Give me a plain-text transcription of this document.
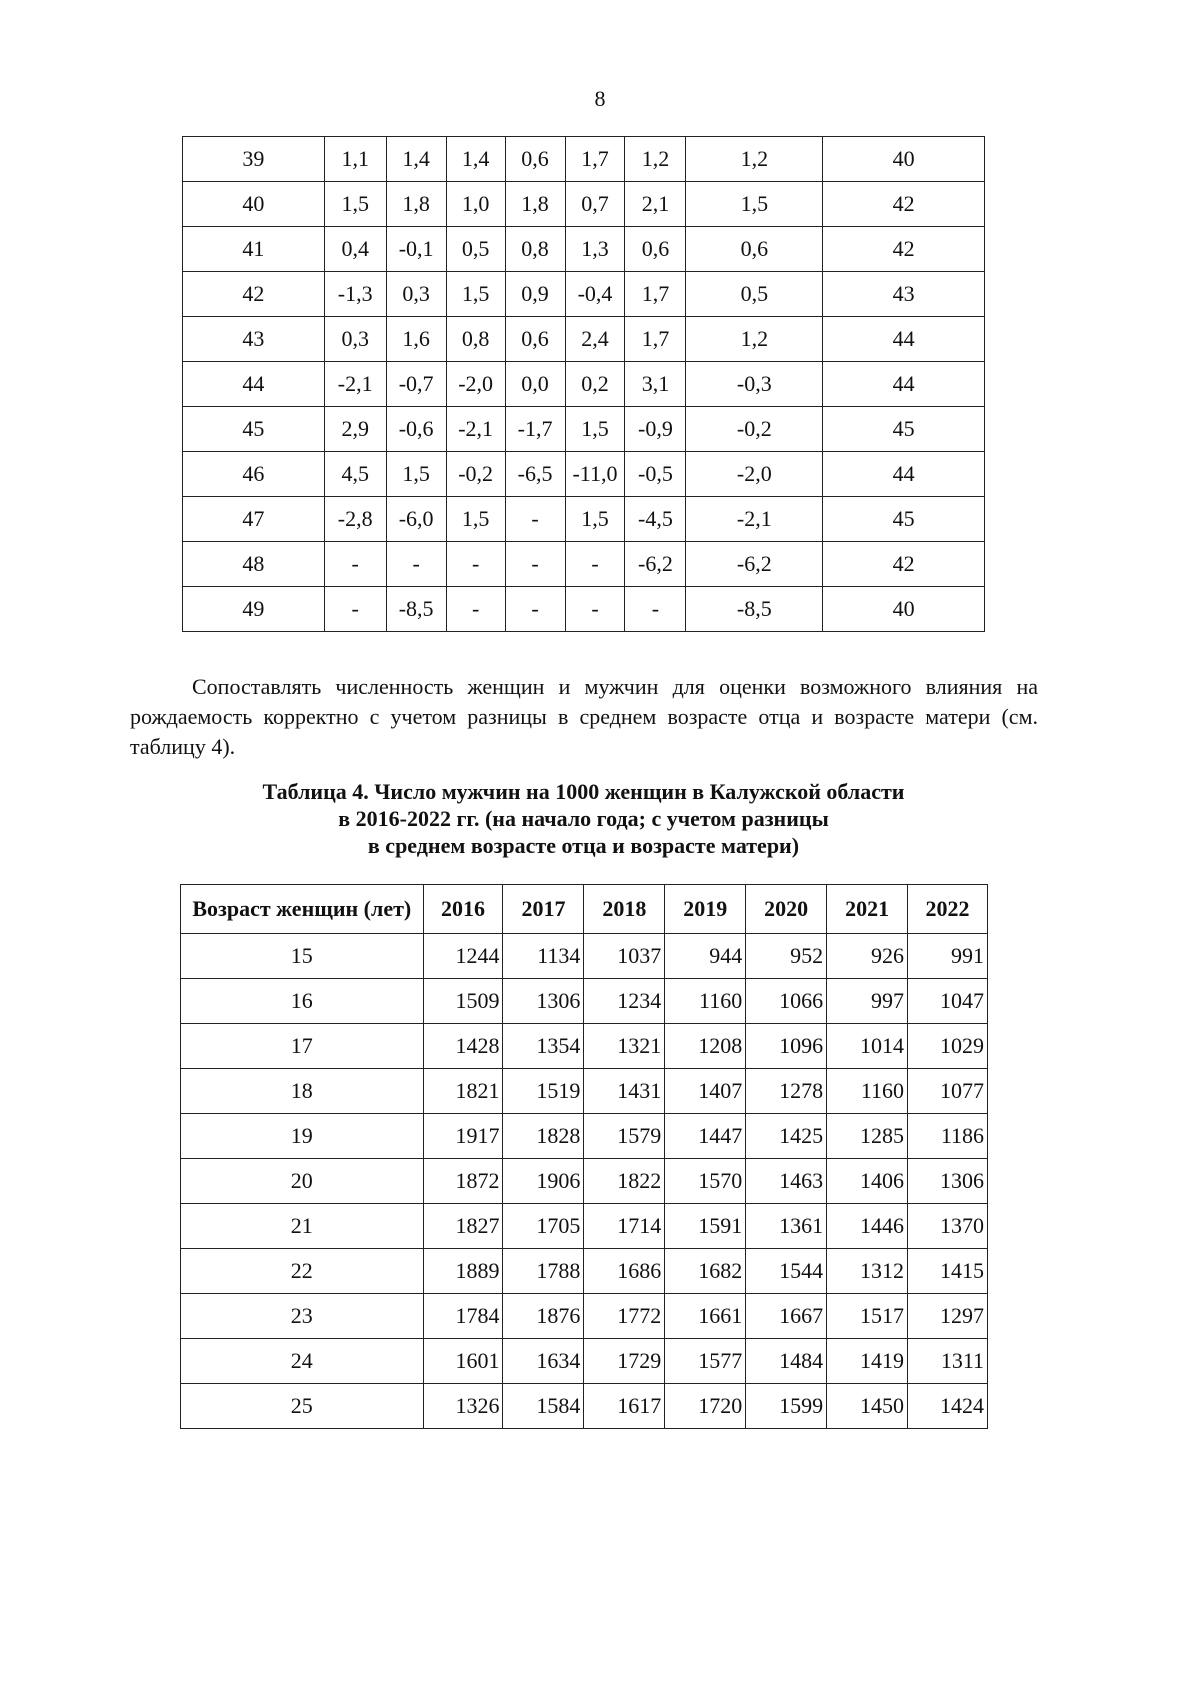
8
39	1,1	1,4	1,4	0,6	1,7	1,2	1,2	40
40	1,5	1,8	1,0	1,8	0,7	2,1	1,5	42
41	0,4	-0,1	0,5	0,8	1,3	0,6	0,6	42
42	-1,3	0,3	1,5	0,9	-0,4	1,7	0,5	43
43	0,3	1,6	0,8	0,6	2,4	1,7	1,2	44
44	-2,1	-0,7	-2,0	0,0	0,2	3,1	-0,3	44
45	2,9	-0,6	-2,1	-1,7	1,5	-0,9	-0,2	45
46	4,5	1,5	-0,2	-6,5	-11,0	-0,5	-2,0	44
47	-2,8	-6,0	1,5	-	1,5	-4,5	-2,1	45
48	-	-	-	-	-	-6,2	-6,2	42
49	-	-8,5	-	-	-	-	-8,5	40

Сопоставлять численность женщин и мужчин для оценки возможного влияния на рождаемость корректно с учетом разницы в среднем возрасте отца и возрасте матери (см. таблицу 4).

Таблица 4. Число мужчин на 1000 женщин в Калужской области
в 2016-2022 гг. (на начало года; с учетом разницы
в среднем возрасте отца и возрасте матери)
Возраст женщин (лет)	2016	2017	2018	2019	2020	2021	2022
15	1244	1134	1037	944	952	926	991
16	1509	1306	1234	1160	1066	997	1047
17	1428	1354	1321	1208	1096	1014	1029
18	1821	1519	1431	1407	1278	1160	1077
19	1917	1828	1579	1447	1425	1285	1186
20	1872	1906	1822	1570	1463	1406	1306
21	1827	1705	1714	1591	1361	1446	1370
22	1889	1788	1686	1682	1544	1312	1415
23	1784	1876	1772	1661	1667	1517	1297
24	1601	1634	1729	1577	1484	1419	1311
25	1326	1584	1617	1720	1599	1450	1424
